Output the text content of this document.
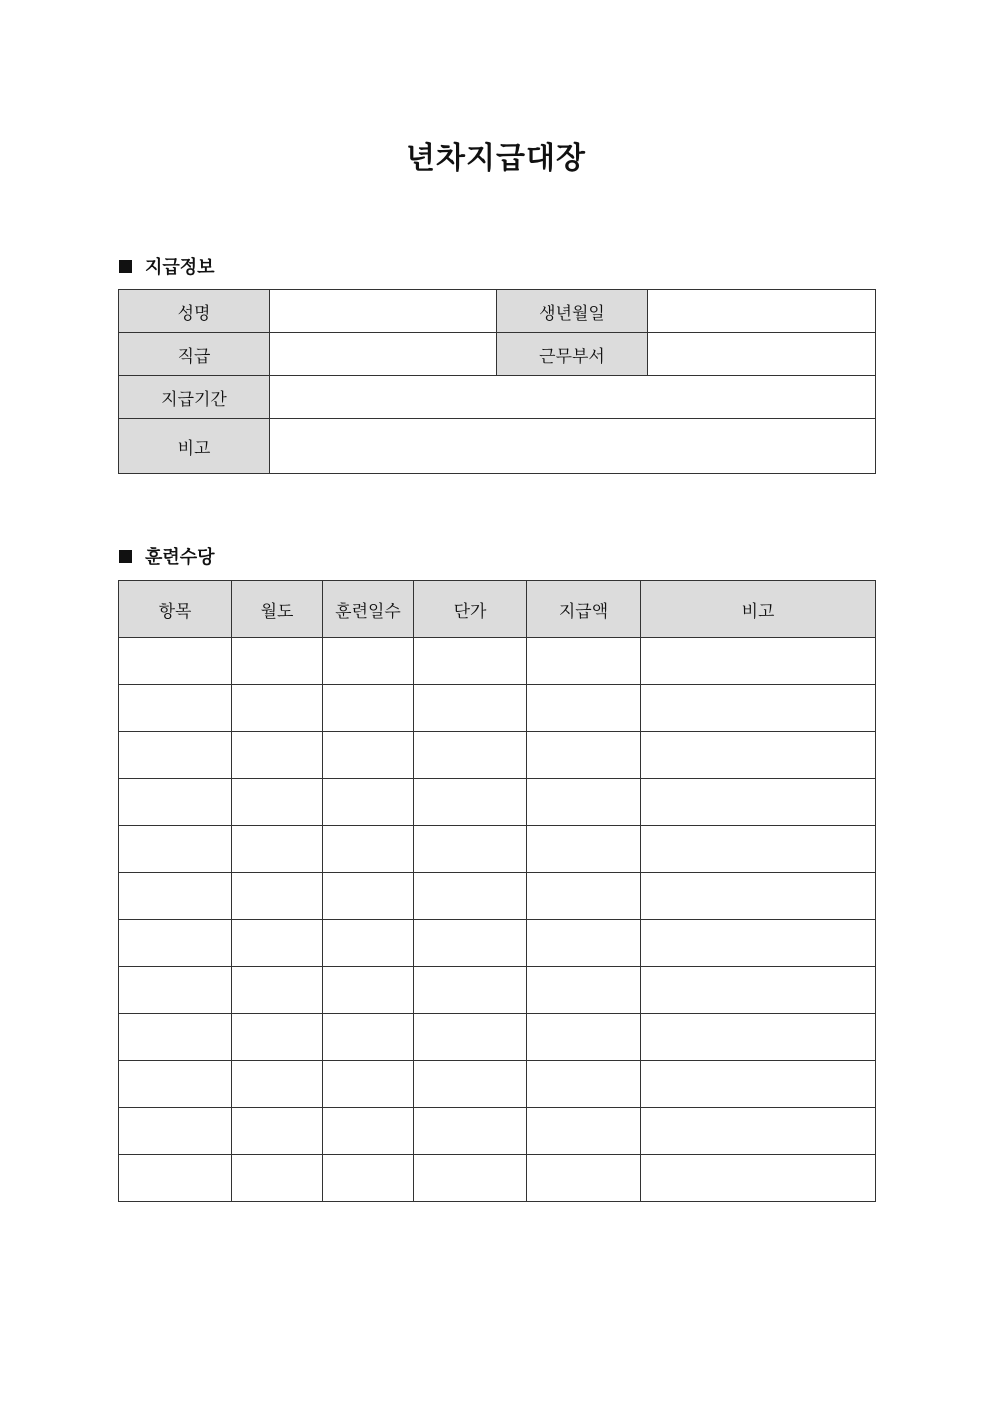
년차지급대장
지급정보
성명		생년월일	
직급		근무부서	
지급기간			
비고			
훈련수당
항목	월도	훈련일수	단가	지급액	비고
